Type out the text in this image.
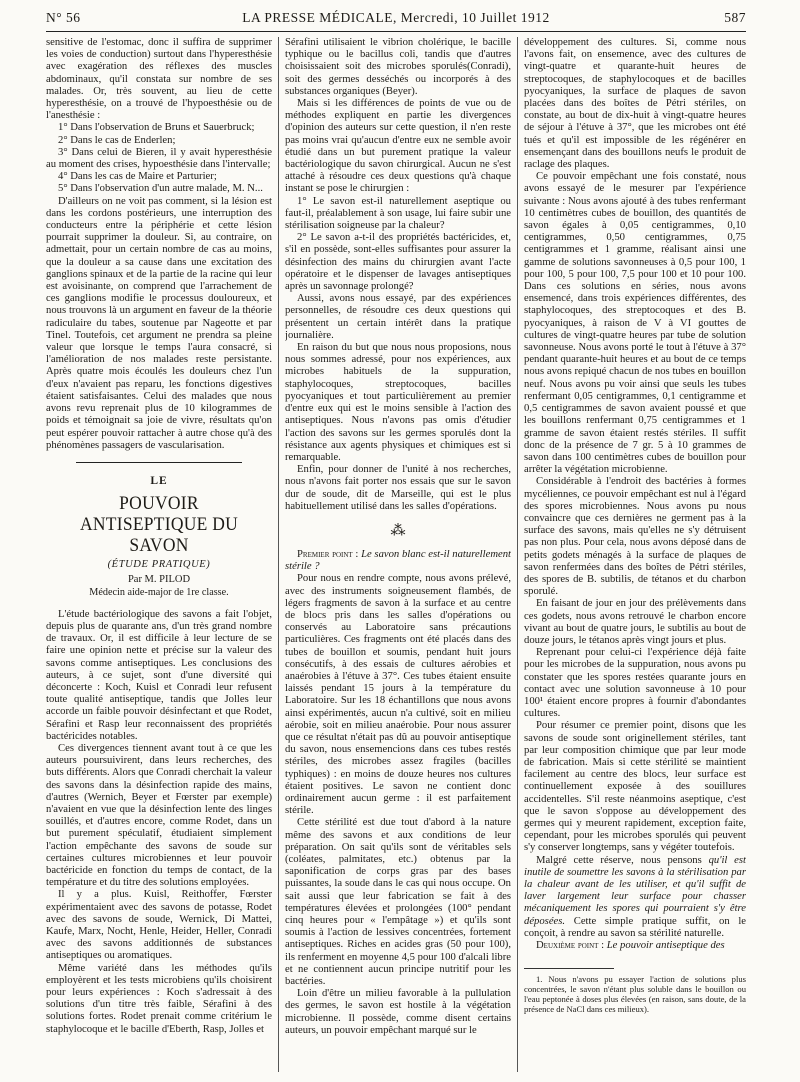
N° 56	LA PRESSE MÉDICALE, Mercredi, 10 Juillet 1912	587

sensitive de l'estomac, donc il suffira de supprimer les voies de conduction) surtout dans l'hyperesthésie avec exagération des réflexes des muscles abdominaux, qu'il constata sur nombre de ses malades. Or, très souvent, au lieu de cette hyperesthésie, on a trouvé de l'hypoesthésie ou de l'anesthésie :

1° Dans l'observation de Bruns et Sauerbruck;

2° Dans le cas de Enderlen;

3° Dans celui de Bieren, il y avait hyperesthésie au moment des crises, hypoesthésie dans l'intervalle;

4° Dans les cas de Maire et Parturier;

5° Dans l'observation d'un autre malade, M. N...

D'ailleurs on ne voit pas comment, si la lésion est dans les cordons postérieurs, une interruption des conducteurs entre la périphérie et cette lésion pourrait supprimer la douleur. Si, au contraire, on admettait, pour un certain nombre de cas au moins, que la douleur a sa cause dans une excitation des ganglions spinaux et de la partie de la racine qui leur est avoisinante, on comprend que l'arrachement de ces ganglions modifie le processus douloureux, et nous trouvons là un argument en faveur de la théorie radiculaire du tabes, soutenue par Nageotte et par Tinel. Toutefois, cet argument ne prendra sa pleine valeur que lorsque le temps l'aura consacré, si l'amélioration de nos malades reste persistante. Après quatre mois écoulés les douleurs chez l'un d'eux n'avaient pas reparu, les fonctions digestives étaient satisfaisantes. Celui des malades que nous avons revu reprenait plus de 10 kilogrammes de poids et témoignait sa joie de vivre, résultats qu'on peut espérer pouvoir rattacher à autre chose qu'à des phénomènes passagers de vascularisation.

LE
POUVOIR ANTISEPTIQUE DU SAVON
(ÉTUDE PRATIQUE)
Par M. PILOD
Médecin aide-major de 1re classe.

L'étude bactériologique des savons a fait l'objet, depuis plus de quarante ans, d'un très grand nombre de travaux. Or, il est difficile à leur lecture de se faire une opinion nette et précise sur la valeur des savons comme antiseptiques. Les conclusions des auteurs, à ce sujet, sont d'une diversité qui déconcerte : Koch, Kuisl et Conradi leur refusent toute qualité antiseptique, tandis que Jolles leur accorde un faible pouvoir désinfectant et que Rodet, Sérafini et Rasp leur reconnaissent des propriétés bactéricides notables.

Ces divergences tiennent avant tout à ce que les auteurs poursuivirent, dans leurs recherches, des buts différents. Alors que Conradi cherchait la valeur des savons dans la désinfection rapide des mains, d'autres (Wernich, Beyer et Fœrster par exemple) n'avaient en vue que la désinfection lente des linges souillés, et d'autres encore, comme Rodet, dans un but purement spéculatif, étudiaient simplement l'action empêchante des savons de soude sur certaines cultures microbiennes et leur pouvoir bactéricide en fonction du temps de contact, de la température et du titre des solutions employées.

Il y a plus. Kuisl, Reithoffer, Fœrster expérimentaient avec des savons de potasse, Rodet avec des savons de soude, Wernick, Di Mattei, Kaufe, Marx, Nocht, Henle, Heider, Heller, Conradi avec des savons additionnés de substances antiseptiques ou aromatiques.

Même variété dans les méthodes qu'ils employèrent et les tests microbiens qu'ils choisirent pour leurs expériences : Koch s'adressait à des solutions d'un titre très faible, Sérafini à des solutions fortes. Rodet prenait comme critérium le staphylocoque et le bacille d'Eberth, Rasp, Jolles et

Sérafini utilisaient le vibrion cholérique, le bacille typhique ou le bacillus coli, tandis que d'autres choisissaient soit des microbes sporulés(Conradi), soit des germes desséchés ou incorporés à des substances organiques (Beyer).

Mais si les différences de points de vue ou de méthodes expliquent en partie les divergences d'opinion des auteurs sur cette question, il n'en reste pas moins vrai qu'aucun d'entre eux ne semble avoir étudié dans un but purement pratique la valeur bactériologique du savon chirurgical. Aucun ne s'est attaché à résoudre ces deux questions qu'à chaque instant se pose le chirurgien :

1° Le savon est-il naturellement aseptique ou faut-il, préalablement à son usage, lui faire subir une stérilisation soigneuse par la chaleur?

2° Le savon a-t-il des propriétés bactéricides, et, s'il en possède, sont-elles suffisantes pour assurer la désinfection des mains du chirurgien avant l'acte opératoire et le dispenser de lavages antiseptiques après un savonnage prolongé?

Aussi, avons nous essayé, par des expériences personnelles, de résoudre ces deux questions qui présentent un certain intérêt dans la pratique journalière.

En raison du but que nous nous proposions, nous nous sommes adressé, pour nos expériences, aux microbes habituels de la suppuration, staphylocoques, streptocoques, bacilles pyocyaniques et tout particulièrement au premier d'entre eux qui est le moins sensible à l'action des antiseptiques. Nous n'avons pas omis d'étudier l'action des savons sur les germes sporulés dont la résistance aux agents physiques et chimiques est si remarquable.

Enfin, pour donner de l'unité à nos recherches, nous n'avons fait porter nos essais que sur le savon dur de soude, dit de Marseille, qui est le plus habituellement utilisé dans les salles d'opérations.

⁂

Premier point : Le savon blanc est-il naturellement stérile ?

Pour nous en rendre compte, nous avons prélevé, avec des instruments soigneusement flambés, de légers fragments de savon à la surface et au centre de blocs pris dans les salles d'opérations ou conservés au Laboratoire sans précautions particulières. Ces fragments ont été placés dans des tubes de bouillon et soumis, pendant huit jours consécutifs, à des essais de cultures aérobies et anaérobies à l'étuve à 37°. Ces tubes étaient ensuite laissés pendant 15 jours à la température du Laboratoire. Sur les 18 échantillons que nous avons ainsi expérimentés, aucun n'a cultivé, soit en milieu aérobie, soit en milieu anaérobie. Pour nous assurer que ce résultat n'était pas dû au pouvoir antiseptique du savon, nous ensemencions dans ces tubes restés stériles, des microbes assez fragiles (bacilles typhiques) : en moins de douze heures nos cultures étaient positives. Le savon ne contient donc ordinairement aucun germe : il est parfaitement stérile.

Cette stérilité est due tout d'abord à la nature même des savons et aux conditions de leur préparation. On sait qu'ils sont de véritables sels (coléates, palmitates, etc.) obtenus par la saponification de corps gras par des bases puissantes, la soude dans le cas qui nous occupe. On sait aussi que leur fabrication se fait à des températures élevées et prolongées (100° pendant cinq heures pour « l'empâtage ») et qu'ils sont soumis à l'action de lessives concentrées, fortement antiseptiques. Riches en acides gras (50 pour 100), ils renferment en moyenne 4,5 pour 100 d'alcali libre et ne contiennent aucun principe nutritif pour les bactéries.

Loin d'être un milieu favorable à la pullulation des germes, le savon est hostile à la végétation microbienne. Il possède, comme disent certains auteurs, un pouvoir empêchant marqué sur le

développement des cultures. Si, comme nous l'avons fait, on ensemence, avec des cultures de vingt-quatre et quarante-huit heures de streptocoques, de staphylocoques et de bacilles pyocyaniques, la surface de plaques de savon placées dans des boîtes de Pétri stériles, on constate, au bout de dix-huit à vingt-quatre heures de séjour à l'étuve à 37°, que les microbes ont été tués et qu'il est impossible de les régénérer en ensemençant dans des bouillons neufs le produit de raclage des plaques.

Ce pouvoir empêchant une fois constaté, nous avons essayé de le mesurer par l'expérience suivante : Nous avons ajouté à des tubes renfermant 10 centimètres cubes de bouillon, des quantités de savon égales à 0,05 centigrammes, 0,10 centigrammes, 0,50 centigrammes, 0,75 centigrammes et 1 gramme, réalisant ainsi une gamme de solutions savonneuses à 0,5 pour 100, 1 pour 100, 5 pour 100, 7,5 pour 100 et 10 pour 100. Dans ces solutions en séries, nous avons ensemencé, dans trois expériences différentes, des staphylocoques, des streptocoques et des B. pyocyaniques, à raison de V à VI gouttes de cultures de vingt-quatre heures par tube de solution savonneuse. Nous avons porté le tout à l'étuve à 37° pendant quarante-huit heures et au bout de ce temps nous avons repiqué chacun de nos tubes en bouillon neuf. Nous avons pu voir ainsi que seuls les tubes renfermant 0,05 centigrammes, 0,1 centigramme et 0,5 centigrammes de savon avaient poussé et que les bouillons renfermant 0,75 centigrammes et 1 gramme de savon étaient restés stériles. Il suffit donc de la présence de 7 gr. 5 à 10 grammes de savon dans 100 centimètres cubes de bouillon pour arrêter la végétation microbienne.

Considérable à l'endroit des bactéries à formes mycéliennes, ce pouvoir empêchant est nul à l'égard des spores microbiennes. Nous avons pu nous convaincre que ces dernières ne germent pas à la surface des savons, mais qu'elles ne s'y détruisent pas non plus. Pour cela, nous avons déposé dans de petits godets ménagés à la surface de plaques de savon renfermées dans des boîtes de Pétri stériles, des spores de B. subtilis, de tétanos et du charbon sporulé.

En faisant de jour en jour des prélèvements dans ces godets, nous avons retrouvé le charbon encore vivant au bout de quatre jours, le subtilis au bout de douze jours, le tétanos après vingt jours et plus.

Reprenant pour celui-ci l'expérience déjà faite pour les microbes de la suppuration, nous avons pu constater que les spores restées quarante jours en contact avec une solution savonneuse à 10 pour 100¹ étaient encore propres à fournir d'abondantes cultures.

Pour résumer ce premier point, disons que les savons de soude sont originellement stériles, tant par leur composition chimique que par leur mode de fabrication. Mais si cette stérilité se maintient facilement au centre des blocs, leur surface est continuellement exposée à des souillures accidentelles. S'il reste néanmoins aseptique, c'est que le savon s'oppose au développement des germes qui y meurent rapidement, exception faite, cependant, pour les microbes sporulés qui peuvent s'y conserver longtemps, sans y végéter toutefois.

Malgré cette réserve, nous pensons qu'il est inutile de soumettre les savons à la stérilisation par la chaleur avant de les utiliser, et qu'il suffit de laver largement leur surface pour chasser mécaniquement les spores qui pourraient s'y être déposées. Cette simple pratique suffit, on le conçoit, à rendre au savon sa stérilité naturelle.

Deuxième point : Le pouvoir antiseptique des

1. Nous n'avons pu essayer l'action de solutions plus concentrées, le savon n'étant plus soluble dans le bouillon ou l'eau peptonée à doses plus élevées (en raison, sans doute, de la présence de NaCl dans ces milieux).
